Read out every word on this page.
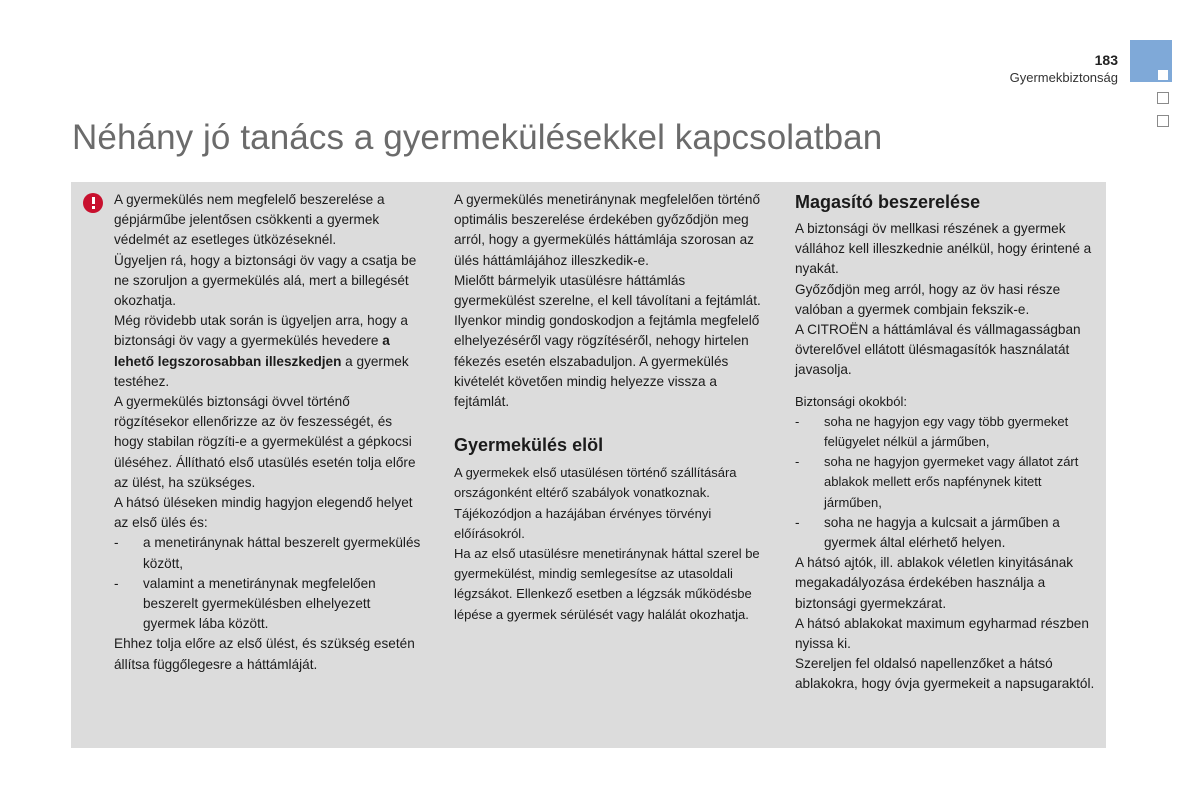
183
Gyermekbiztonság
Néhány jó tanács a gyermekülésekkel kapcsolatban

A gyermekülés nem megfelelő beszerelése a gépjárműbe jelentősen csökkenti a gyermek védelmét az esetleges ütközéseknél.

Ügyeljen rá, hogy a biztonsági öv vagy a csatja be ne szoruljon a gyermekülés alá, mert a billegését okozhatja.

Még rövidebb utak során is ügyeljen arra, hogy a biztonsági öv vagy a gyermekülés hevedere a lehető legszorosabban illeszkedjen a gyermek testéhez.

A gyermekülés biztonsági övvel történő rögzítésekor ellenőrizze az öv feszességét, és hogy stabilan rögzíti-e a gyermekülést a gépkocsi üléséhez. Állítható első utasülés esetén tolja előre az ülést, ha szükséges.

A hátsó üléseken mindig hagyjon elegendő helyet az első ülés és:

- a menetiránynak háttal beszerelt gyermekülés között,
- valamint a menetiránynak megfelelően beszerelt gyermekülésben elhelyezett gyermek lába között.

Ehhez tolja előre az első ülést, és szükség esetén állítsa függőlegesre a háttámláját.

A gyermekülés menetiránynak megfelelően történő optimális beszerelése érdekében győződjön meg arról, hogy a gyermekülés háttámlája szorosan az ülés háttámlájához illeszkedik-e.

Mielőtt bármelyik utasülésre háttámlás gyermekülést szerelne, el kell távolítani a fejtámlát. Ilyenkor mindig gondoskodjon a fejtámla megfelelő elhelyezéséről vagy rögzítéséről, nehogy hirtelen fékezés esetén elszabaduljon. A gyermekülés kivételét követően mindig helyezze vissza a fejtámlát.

Gyermekülés elöl

A gyermekek első utasülésen történő szállítására országonként eltérő szabályok vonatkoznak.

Tájékozódjon a hazájában érvényes törvényi előírásokról.

Ha az első utasülésre menetiránynak háttal szerel be gyermekülést, mindig semlegesítse az utasoldali légzsákot. Ellenkező esetben a légzsák működésbe lépése a gyermek sérülését vagy halálát okozhatja.

Magasító beszerelése

A biztonsági öv mellkasi részének a gyermek vállához kell illeszkednie anélkül, hogy érintené a nyakát.

Győződjön meg arról, hogy az öv hasi része valóban a gyermek combjain fekszik-e.

A CITROËN a háttámlával és vállmagasságban övterelővel ellátott ülésmagasítók használatát javasolja.

Biztonsági okokból:

- soha ne hagyjon egy vagy több gyermeket felügyelet nélkül a járműben,
- soha ne hagyjon gyermeket vagy állatot zárt ablakok mellett erős napfénynek kitett járműben,
- soha ne hagyja a kulcsait a járműben a gyermek által elérhető helyen.

A hátsó ajtók, ill. ablakok véletlen kinyitásának megakadályozása érdekében használja a biztonsági gyermekzárat.

A hátsó ablakokat maximum egyharmad részben nyissa ki.

Szereljen fel oldalsó napellenzőket a hátsó ablakokra, hogy óvja gyermekeit a napsugaraktól.
